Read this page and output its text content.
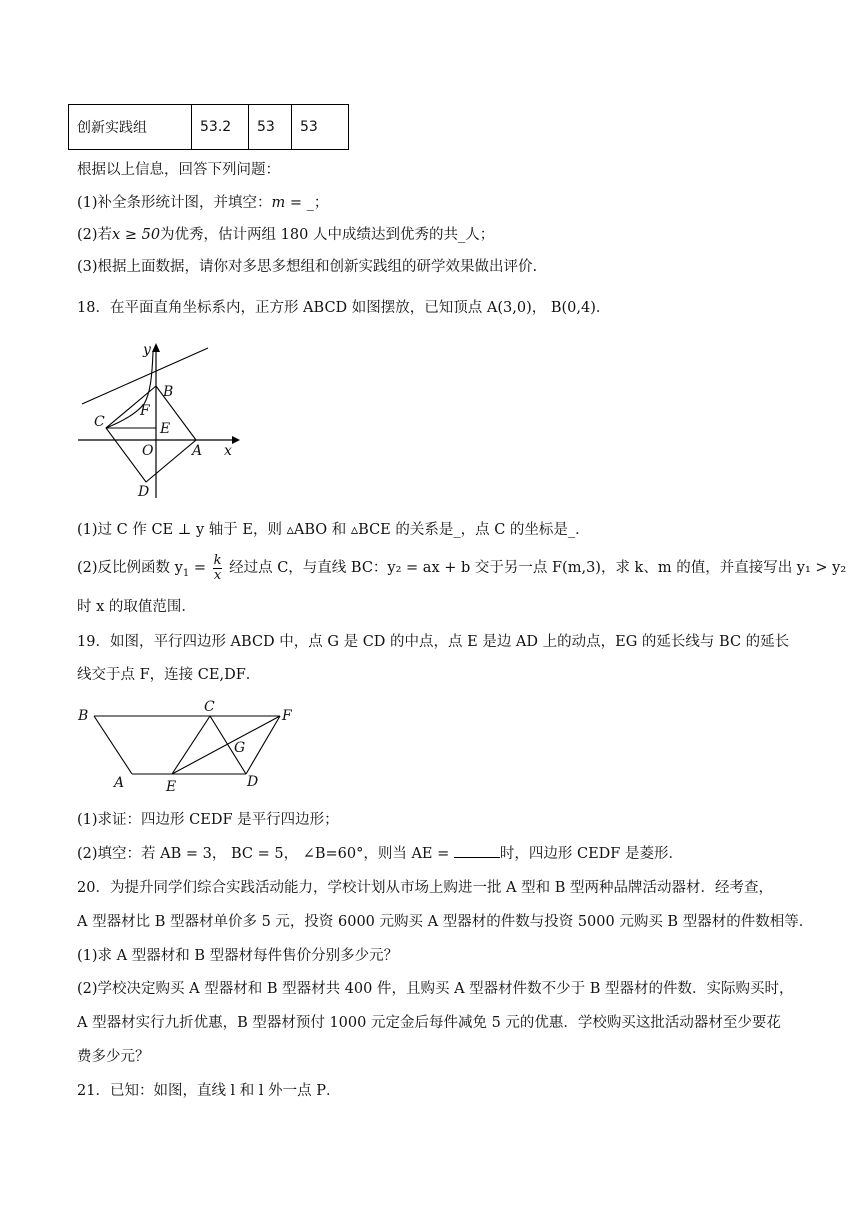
创新实践组	53.2	53	53
根据以上信息，回答下列问题：
(1)补全条形统计图，并填空：m = _；
(2)若x ≥ 50为优秀，估计两组 180 人中成绩达到优秀的共_人；
(3)根据上面数据，请你对多思多想组和创新实践组的研学效果做出评价.
18．在平面直角坐标系内，正方形 ABCD 如图摆放，已知顶点 A(3,0)， B(0,4)．
y
x
B
F
C	E
O	A
D
(1)过 C 作 CE ⊥ y 轴于 E，则 ▵ABO 和 ▵BCE 的关系是_，点 C 的坐标是_．
(2)反比例函数 $y_1 = \frac{k}{x}$ 经过点 C，与直线 BC：y₂ = ax + b 交于另一点 F(m,3)，求 k、m 的值，并直接写出 y₁ > y₂
时 x 的取值范围．
19．如图，平行四边形 ABCD 中，点 G 是 CD 的中点，点 E 是边 AD 上的动点，EG 的延长线与 BC 的延长
线交于点 F，连接 CE,DF．
B
C
F
G
A	E	D
(1)求证：四边形 CEDF 是平行四边形；
(2)填空：若 AB = 3， BC = 5， ∠B=60°，则当 AE =	时，四边形 CEDF 是菱形．
20．为提升同学们综合实践活动能力，学校计划从市场上购进一批 A 型和 B 型两种品牌活动器材．经考查，
A 型器材比 B 型器材单价多 5 元，投资 6000 元购买 A 型器材的件数与投资 5000 元购买 B 型器材的件数相等．
(1)求 A 型器材和 B 型器材每件售价分别多少元？
(2)学校决定购买 A 型器材和 B 型器材共 400 件，且购买 A 型器材件数不少于 B 型器材的件数．实际购买时，
A 型器材实行九折优惠，B 型器材预付 1000 元定金后每件减免 5 元的优惠．学校购买这批活动器材至少要花
费多少元？
21．已知：如图，直线 l 和 l 外一点 P．
